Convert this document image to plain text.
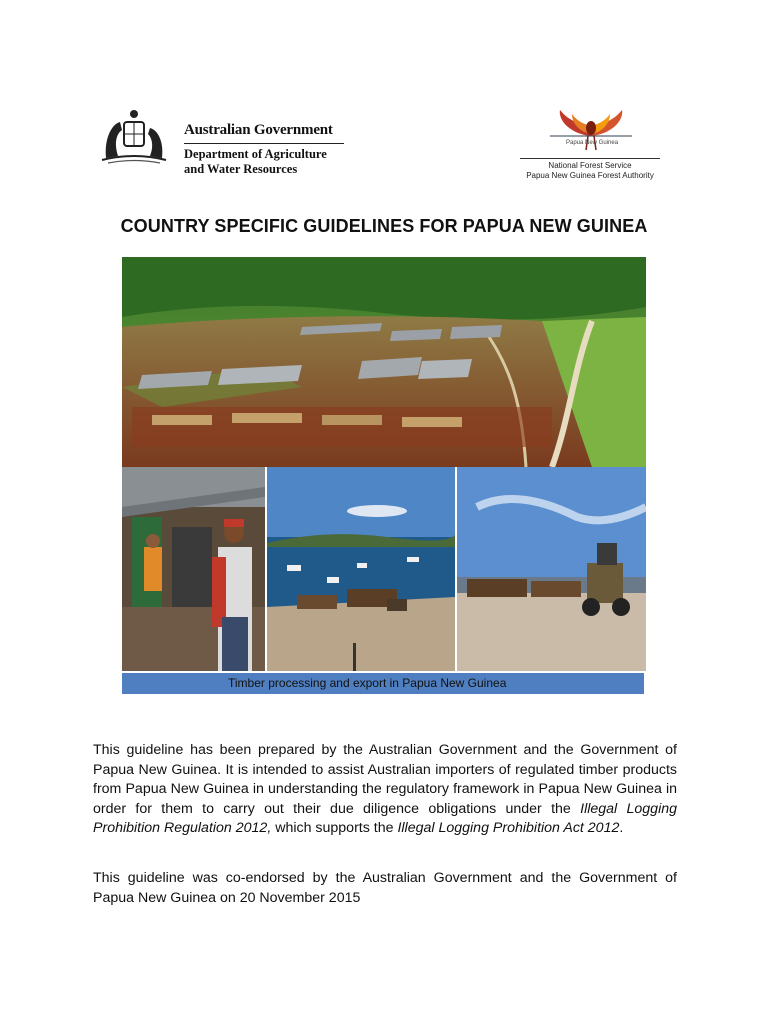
Australian Government
Department of Agriculture
and Water Resources
Papua New Guinea
National Forest Service
Papua New Guinea Forest Authority
COUNTRY SPECIFIC GUIDELINES FOR PAPUA NEW GUINEA
Timber processing and export in Papua New Guinea
This guideline has been prepared by the Australian Government and the Government of Papua New Guinea. It is intended to assist Australian importers of regulated timber products from Papua New Guinea in understanding the regulatory framework in Papua New Guinea in order for them to carry out their due diligence obligations under the Illegal Logging Prohibition Regulation 2012, which supports the Illegal Logging Prohibition Act 2012.
This guideline was co-endorsed by the Australian Government and the Government of Papua New Guinea on 20 November 2015
